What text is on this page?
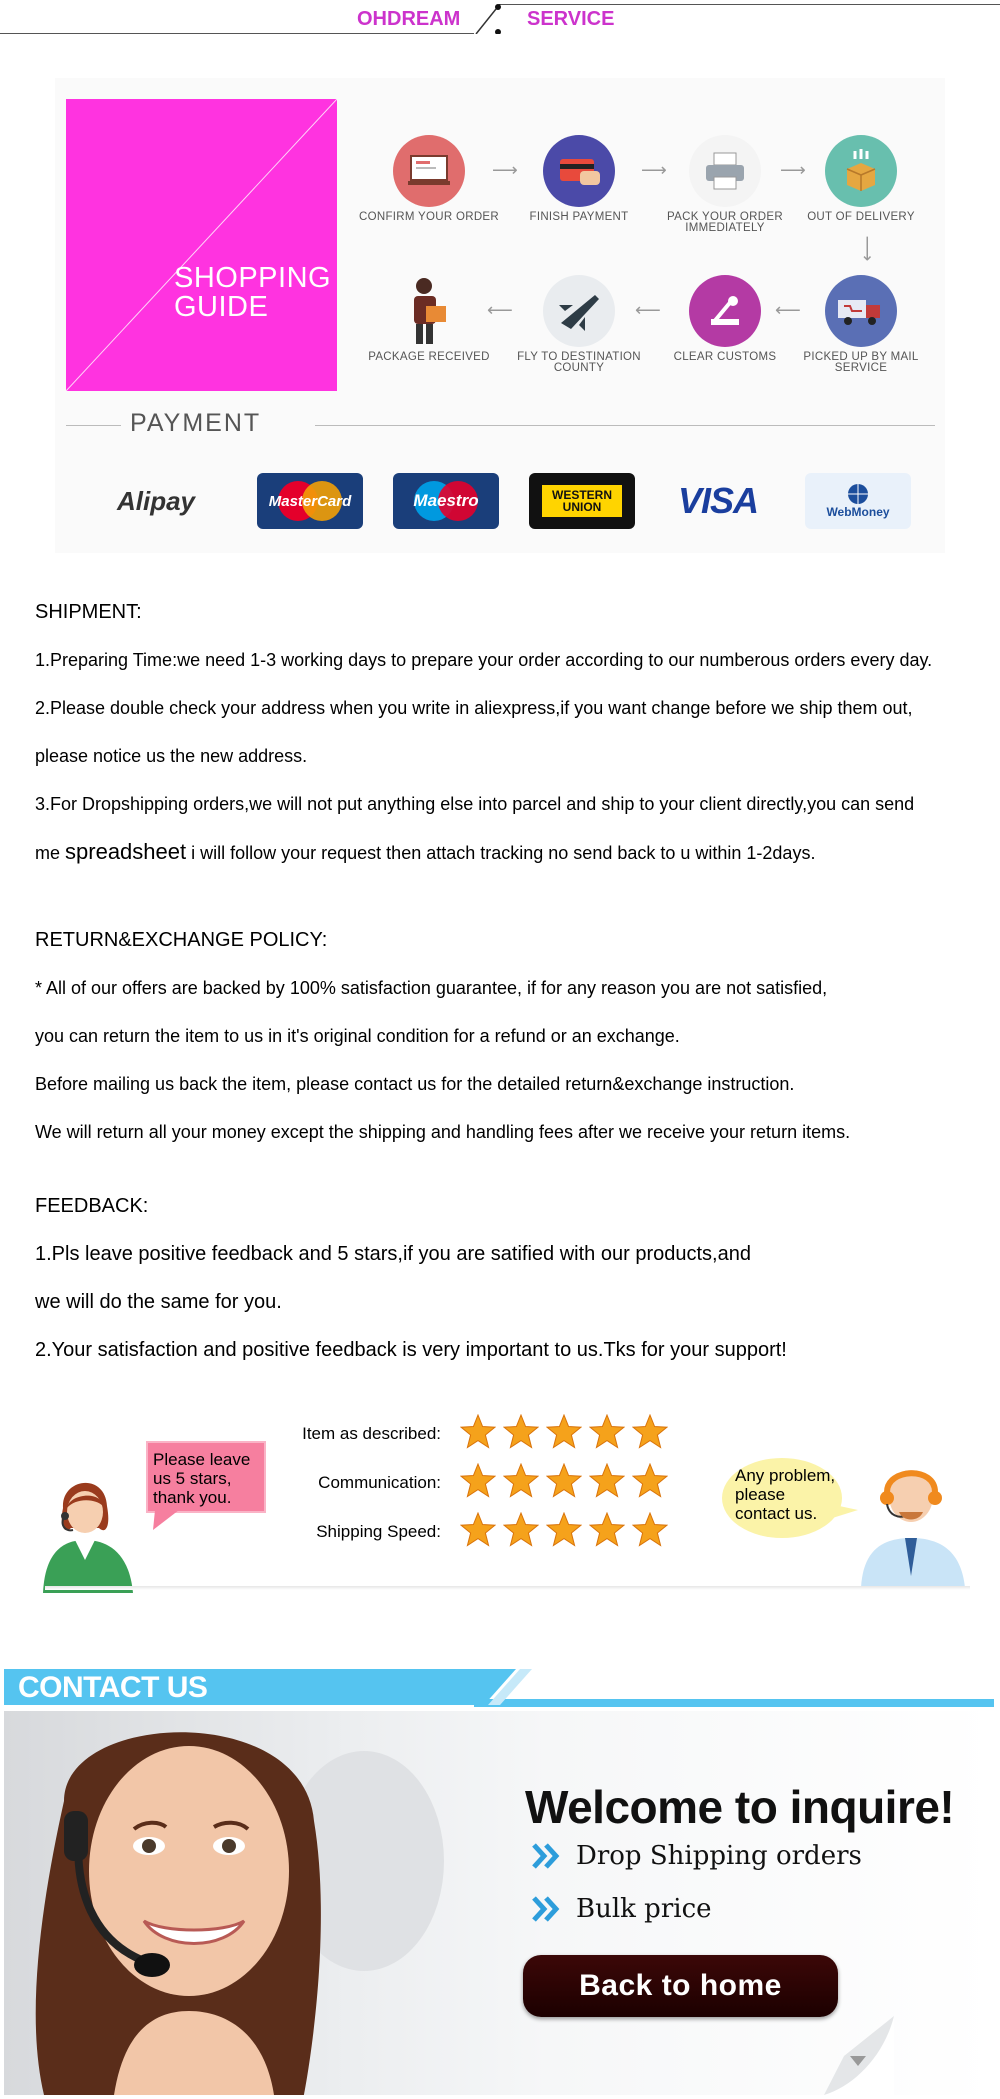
OHDREAM	SERVICE
SHOPPING
GUIDE
CONFIRM YOUR ORDER
⟶
FINISH PAYMENT
⟶
PACK YOUR ORDER IMMEDIATELY
⟶
OUT OF DELIVERY
⟶
PICKED UP BY MAIL SERVICE
⟵
CLEAR CUSTOMS
⟵
FLY TO DESTINATION COUNTY
⟵
PACKAGE RECEIVED
PAYMENT
Alipay	MasterCard	Maestro	WESTERN UNION	VISA	WebMoney
SHIPMENT:
1.Preparing Time:we need 1-3 working days to prepare your order according to our numberous orders every day.
2.Please double check your address when you write in aliexpress,if you want change before we ship them out,
please notice us the new address.
3.For Dropshipping orders,we will not put anything else into parcel and ship to your client directly,you can send
me spreadsheet i will follow your request then attach tracking no send back to u within 1-2days.
RETURN&EXCHANGE POLICY:
* All of our offers are backed by 100% satisfaction guarantee, if for any reason you are not satisfied,
you can return the item to us in it's original condition for a refund or an exchange.
Before mailing us back the item, please contact us for the detailed return&exchange instruction.
We will return all your money except the shipping and handling fees after we receive your return items.
FEEDBACK:
1.Pls leave positive feedback and 5 stars,if you are satified with our products,and
we will do the same for you.
2.Your satisfaction and positive feedback is very important to us.Tks for your support!
Please leave
us 5 stars,
thank you.
Item as described:
Communication:
Shipping Speed:
Any problem,
please
contact us.
CONTACT US
Welcome to inquire!
Drop Shipping orders
Bulk price
Back to home
